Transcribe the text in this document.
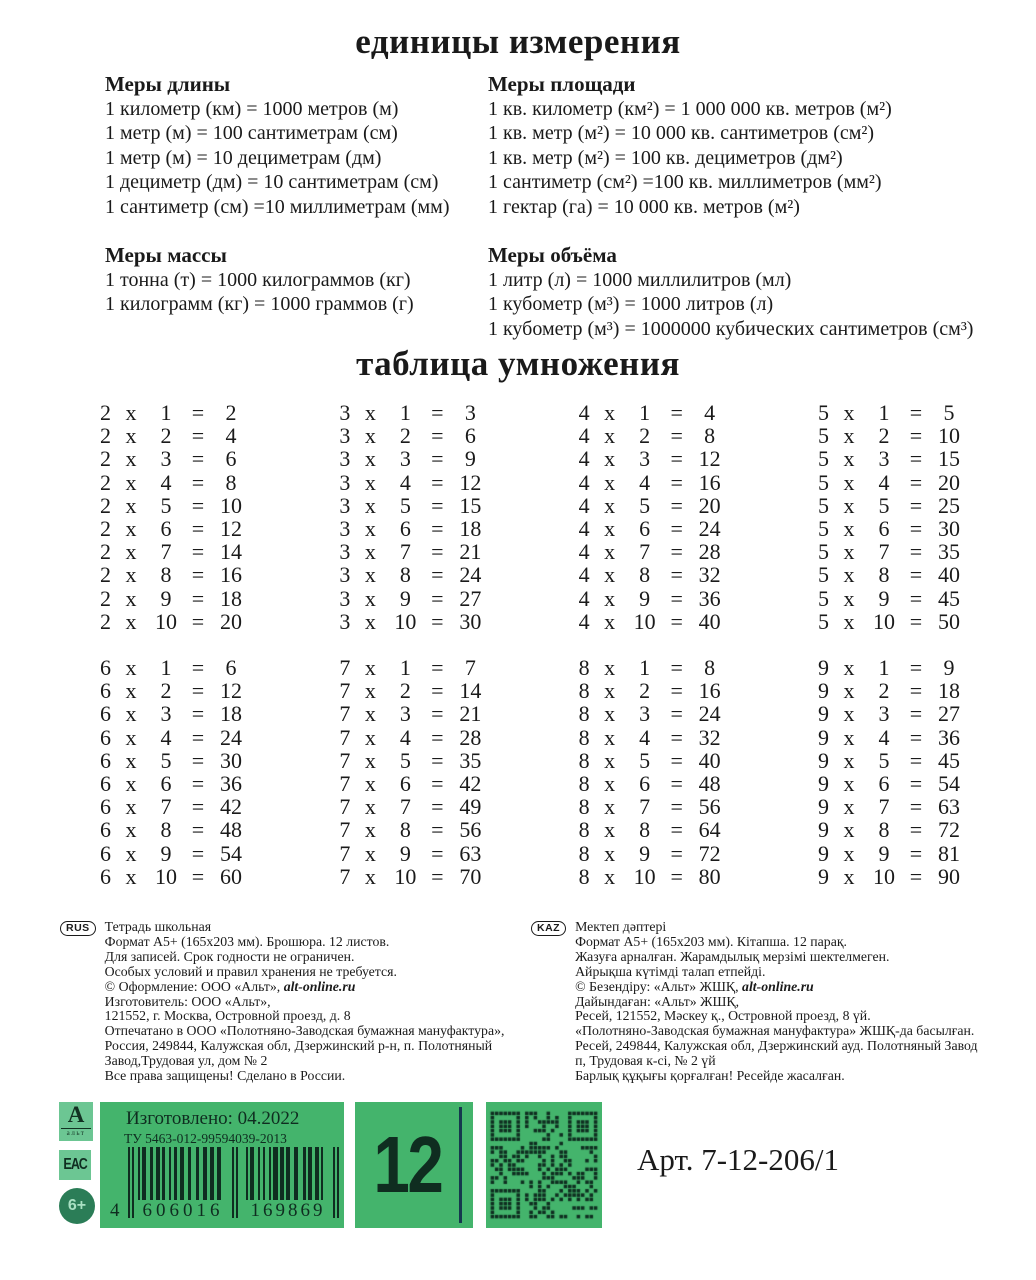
единицы измерения
Меры длины
1 километр (км) = 1000 метров (м)
1 метр (м) = 100 сантиметрам (см)
1 метр (м) = 10 дециметрам (дм)
1 дециметр (дм) = 10 сантиметрам (см)
1 сантиметр (см) =10 миллиметрам (мм)
Меры площади
1 кв. километр (км²) = 1 000 000 кв. метров (м²)
1 кв. метр (м²) = 10 000 кв. сантиметров (см²)
1 кв. метр (м²) = 100 кв. дециметров (дм²)
1 сантиметр (см²) =100 кв. миллиметров (мм²)
1 гектар (га) = 10 000 кв. метров (м²)
Меры массы
1 тонна (т) = 1000 килограммов (кг)
1 килограмм (кг) = 1000 граммов (г)
Меры объёма
1 литр (л) = 1000 миллилитров (мл)
1 кубометр (м³) = 1000 литров (л)
1 кубометр (м³) = 1000000 кубических сантиметров (см³)
таблица умножения
2 х	1 = 2
2 х	2 = 4
2 х	3 = 6
2 х	4 = 8
2 х	5 = 10
2 х	6 = 12
2 х	7 = 14
2 х	8 = 16
2 х	9 = 18
2 х 10 = 20
3 х	1 = 3
3 х	2 = 6
3 х	3 = 9
3 х	4 = 12
3 х	5 = 15
3 х	6 = 18
3 х	7 = 21
3 х	8 = 24
3 х	9 = 27
3 х 10 = 30
4 х	1 = 4
4 х	2 = 8
4 х	3 = 12
4 х	4 = 16
4 х	5 = 20
4 х	6 = 24
4 х	7 = 28
4 х	8 = 32
4 х	9 = 36
4 х 10 = 40
5 х	1 = 5
5 х	2 = 10
5 х	3 = 15
5 х	4 = 20
5 х	5 = 25
5 х	6 = 30
5 х	7 = 35
5 х	8 = 40
5 х	9 = 45
5 х 10 = 50
6 х	1 = 6
6 х	2 = 12
6 х	3 = 18
6 х	4 = 24
6 х	5 = 30
6 х	6 = 36
6 х	7 = 42
6 х	8 = 48
6 х	9 = 54
6 х 10 = 60
7 х	1 = 7
7 х	2 = 14
7 х	3 = 21
7 х	4 = 28
7 х	5 = 35
7 х	6 = 42
7 х	7 = 49
7 х	8 = 56
7 х	9 = 63
7 х 10 = 70
8 х	1 = 8
8 х	2 = 16
8 х	3 = 24
8 х	4 = 32
8 х	5 = 40
8 х	6 = 48
8 х	7 = 56
8 х	8 = 64
8 х	9 = 72
8 х 10 = 80
9 х	1 = 9
9 х	2 = 18
9 х	3 = 27
9 х	4 = 36
9 х	5 = 45
9 х	6 = 54
9 х	7 = 63
9 х	8 = 72
9 х	9 = 81
9 х 10 = 90
RUS	Тетрадь школьная
Формат А5+ (165х203 мм). Брошюра. 12 листов.
Для записей. Срок годности не ограничен.
Особых условий и правил хранения не требуется.
© Оформление: ООО «Альт», alt-online.ru
Изготовитель: ООО «Альт»,
121552, г. Москва, Островной проезд, д. 8
Отпечатано в ООО «Полотняно-Заводская бумажная мануфактура»,
Россия, 249844, Калужская обл, Дзержинский р-н, п. Полотняный
Завод,Трудовая ул, дом № 2
Все права защищены! Сделано в России.
KAZ	Мектеп дәптері
Формат А5+ (165х203 мм). Кітапша. 12 парақ.
Жазуға арналған. Жарамдылық мерзімі шектелмеген.
Айрықша күтімді талап етпейді.
© Безендіру: «Альт» ЖШҚ, alt-online.ru
Дайындаған: «Альт» ЖШҚ,
Ресей, 121552, Мәскеу қ., Островной проезд, 8 үй.
«Полотняно-Заводская бумажная мануфактура» ЖШҚ-да басылған.
Ресей, 249844, Калужская обл, Дзержинский ауд. Полотняный Завод
п, Трудовая к-сі, № 2 үй
Барлық құқығы қорғалған! Ресейде жасалған.
А
альт
ЕАС
6+
Изготовлено: 04.2022
ТУ 5463-012-99594039-2013
4 606016 169869
12	Арт. 7-12-206/1
